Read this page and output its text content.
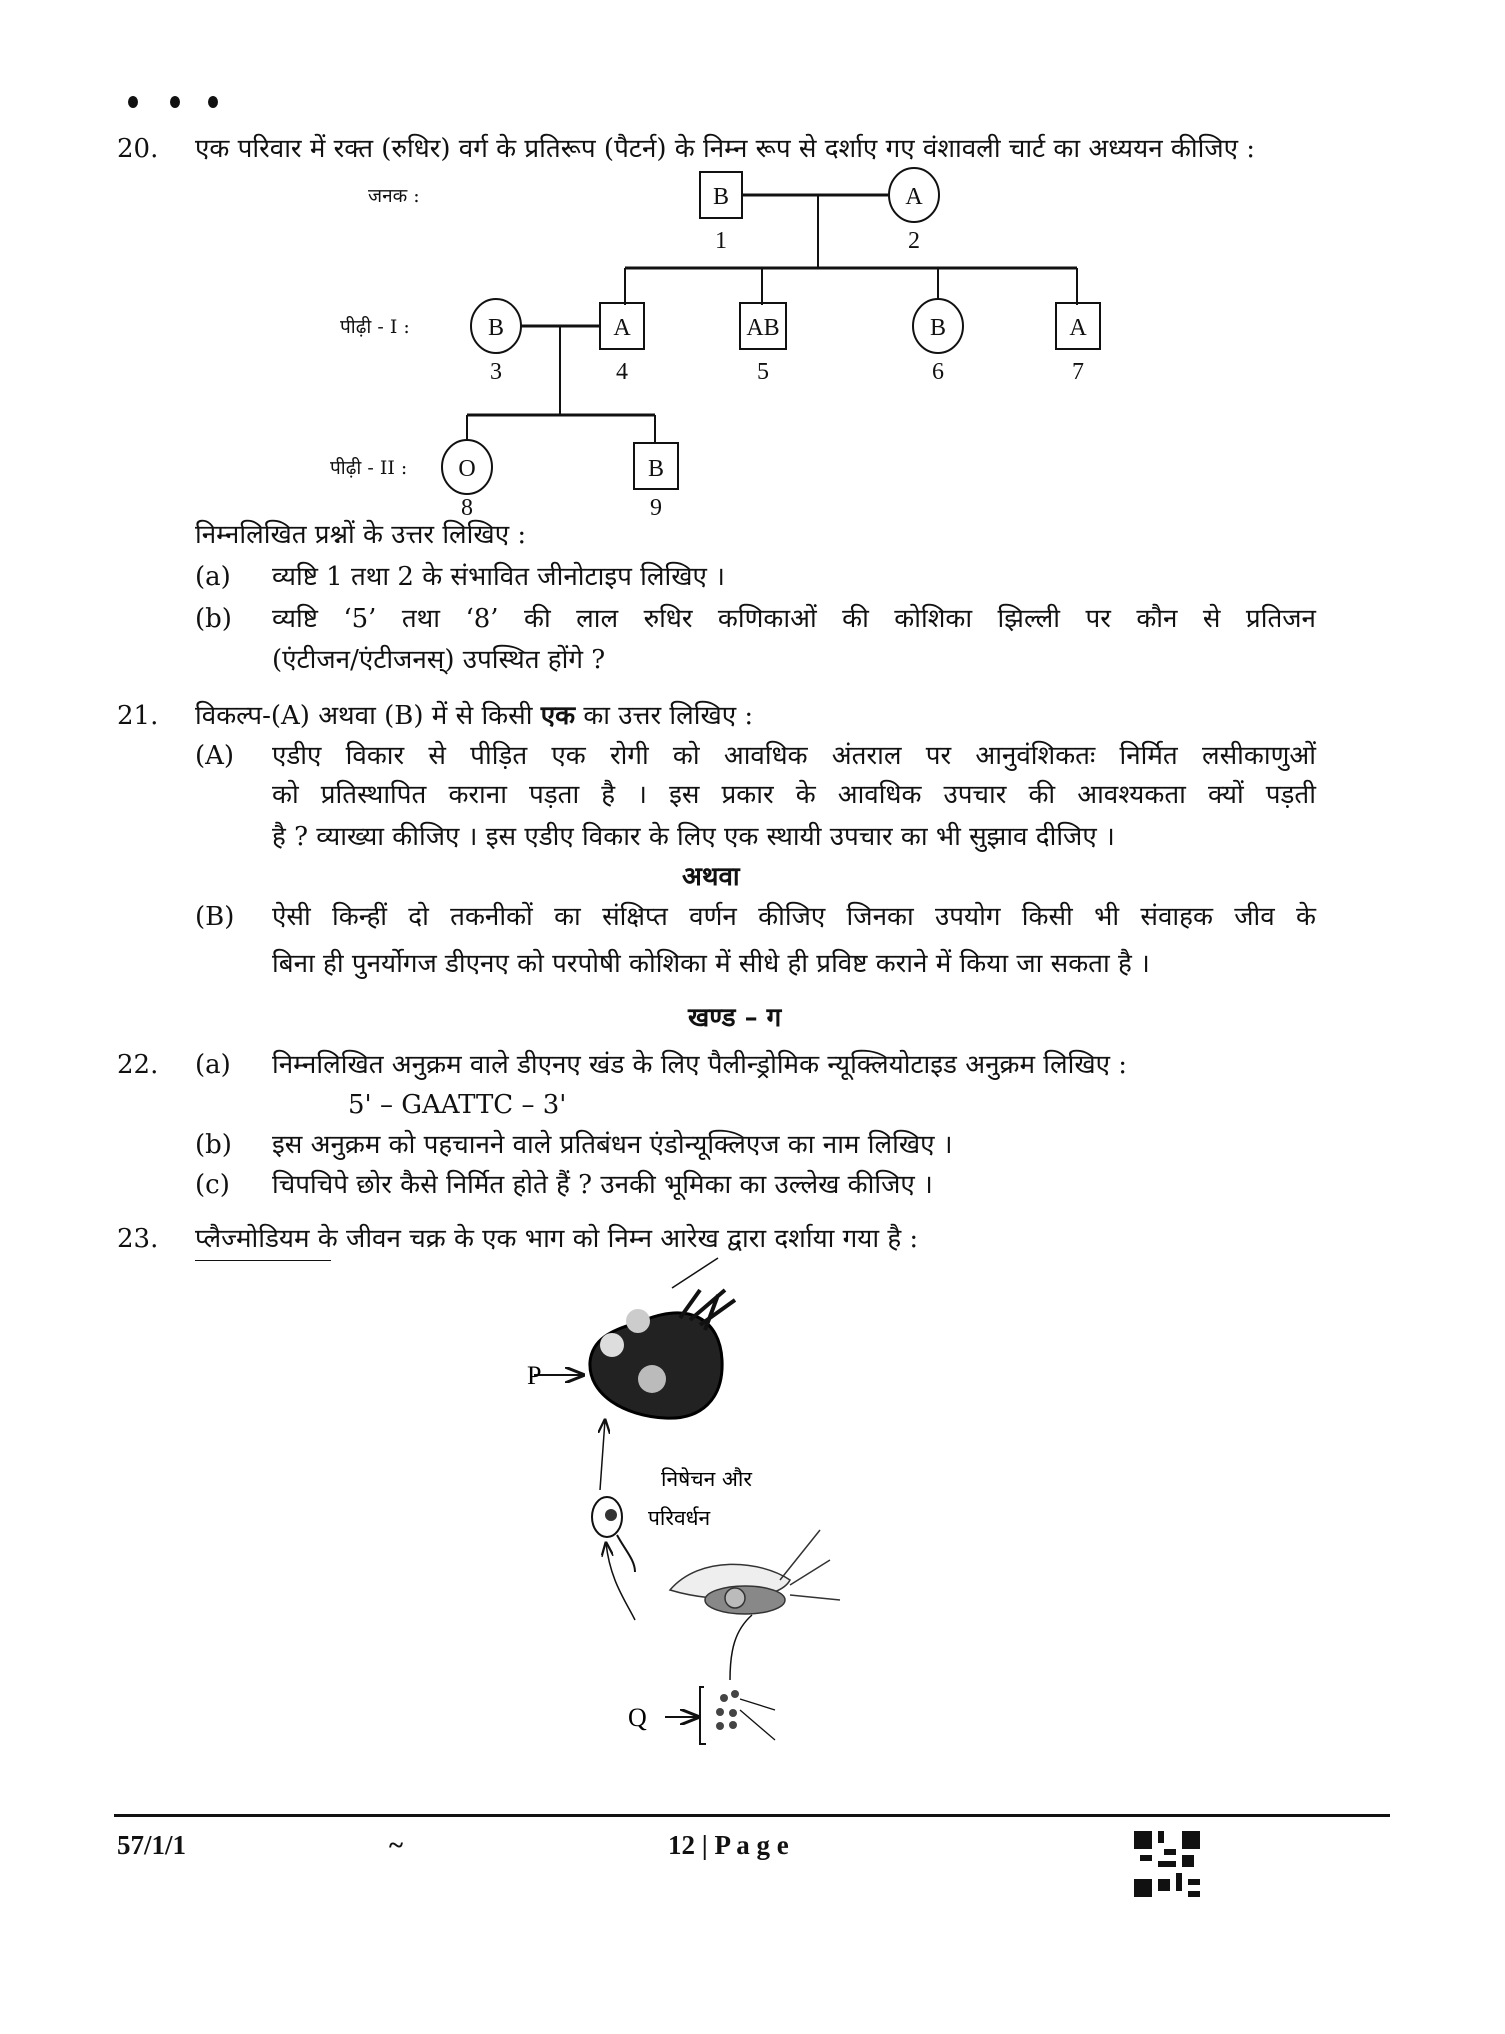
20. एक परिवार में रक्त (रुधिर) वर्ग के प्रतिरूप (पैटर्न) के निम्न रूप से दर्शाए गए वंशावली चार्ट का अध्ययन कीजिए :
B	A
B	A	AB	B	A
O	B
1	2
3	4	5	6	7
8	9
जनक :
पीढ़ी - I :
पीढ़ी - II :
निम्नलिखित प्रश्नों के उत्तर लिखिए :
(a) व्यष्टि 1 तथा 2 के संभावित जीनोटाइप लिखिए ।
(b) व्यष्टि ‘5’ तथा ‘8’ की लाल रुधिर कणिकाओं की कोशिका झिल्ली पर कौन से प्रतिजन
(एंटीजन/एंटीजनस्) उपस्थित होंगे ?
21. विकल्प-(A) अथवा (B) में से किसी एक का उत्तर लिखिए :
(A) एडीए विकार से पीड़ित एक रोगी को आवधिक अंतराल पर आनुवंशिकतः निर्मित लसीकाणुओं
को प्रतिस्थापित कराना पड़ता है । इस प्रकार के आवधिक उपचार की आवश्यकता क्यों पड़ती
है ? व्याख्या कीजिए । इस एडीए विकार के लिए एक स्थायी उपचार का भी सुझाव दीजिए ।
अथवा
(B) ऐसी किन्हीं दो तकनीकों का संक्षिप्त वर्णन कीजिए जिनका उपयोग किसी भी संवाहक जीव के
बिना ही पुनर्योगज डीएनए को परपोषी कोशिका में सीधे ही प्रविष्ट कराने में किया जा सकता है ।
खण्ड – ग
22. (a) निम्नलिखित अनुक्रम वाले डीएनए खंड के लिए पैलीन्ड्रोमिक न्यूक्लियोटाइड अनुक्रम लिखिए :
5' – GAATTC – 3'
(b) इस अनुक्रम को पहचानने वाले प्रतिबंधन एंडोन्यूक्लिएज का नाम लिखिए ।
(c) चिपचिपे छोर कैसे निर्मित होते हैं ? उनकी भूमिका का उल्लेख कीजिए ।
23. प्लैज्मोडियम के जीवन चक्र के एक भाग को निम्न आरेख द्वारा दर्शाया गया है :
P
Q
निषेचन और
परिवर्धन
57/1/1	~	12 | P a g e
